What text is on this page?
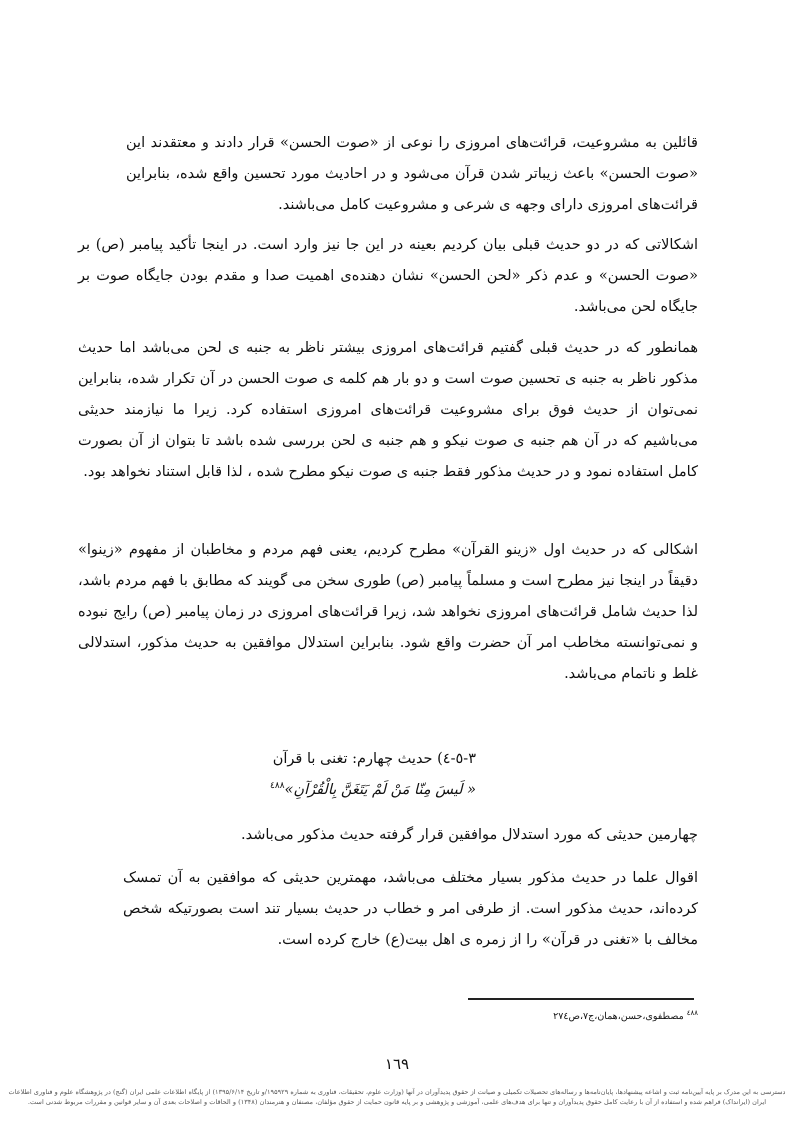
قائلین به مشروعیت، قرائت‌های امروزی را نوعی از «صوت الحسن» قرار دادند و معتقدند این «صوت الحسن» باعث زیباتر شدن قرآن می‌شود و در احادیث مورد تحسین واقع شده، بنابراین قرائت‌های امروزی دارای وجهه ی شرعی و مشروعیت کامل می‌باشند.

اشکالاتی که در دو حدیث قبلی بیان کردیم بعینه در این جا نیز وارد است. در اینجا تأکید پیامبر (ص) بر «صوت الحسن» و عدم ذکر «لحن الحسن» نشان دهنده‌ی اهمیت صدا و مقدم بودن جایگاه صوت بر جایگاه لحن می‌باشد.

همانطور که در حدیث قبلی گفتیم قرائت‌های امروزی بیشتر ناظر به جنبه ی لحن می‌باشد اما حدیث مذکور ناظر به جنبه ی تحسین صوت است و دو بار هم کلمه ی صوت الحسن در آن تکرار شده، بنابراین نمی‌توان از حدیث فوق برای مشروعیت قرائت‌های امروزی استفاده کرد. زیرا ما نیازمند حدیثی می‌باشیم که در آن هم جنبه ی صوت نیکو و هم جنبه ی لحن بررسی شده باشد تا بتوان از آن بصورت کامل استفاده نمود و در حدیث مذکور فقط جنبه ی صوت نیکو مطرح شده ، لذا قابل استناد نخواهد بود.

اشکالی که در حدیث اول «زینو القرآن» مطرح کردیم، یعنی فهم مردم و مخاطبان از مفهوم «زینوا» دقیقاً در اینجا نیز مطرح است و مسلماً پیامبر (ص) طوری سخن می گویند که مطابق با فهم مردم باشد، لذا حدیث شامل قرائت‌های امروزی نخواهد شد، زیرا قرائت‌های امروزی در زمان پیامبر (ص) رایج نبوده و نمی‌توانسته مخاطب امر آن حضرت واقع شود. بنابراین استدلال موافقین به حدیث مذکور، استدلالی غلط و ناتمام می‌باشد.

٣-٥-٤) حدیث چهارم: تغنی با قرآن
« لَيسَ مِنّا مَنْ لَمْ يَتَغَنَّ بِالْقُرْآنِ»$^{٤٨٨}$

چهارمین حدیثی که مورد استدلال موافقین قرار گرفته حدیث مذکور می‌باشد.

اقوال علما در حدیث مذکور بسیار مختلف می‌باشد، مهمترین حدیثی که موافقین به آن تمسک کرده‌اند، حدیث مذکور است. از طرفی امر و خطاب در حدیث بسیار تند است بصورتیکه شخص مخالف با «تغنی در قرآن» را از زمره ی اهل بیت(ع) خارج کرده است.

$^{٤٨٨}$ مصطفوی،حسن،همان،ج٧،ص٢٧٤
١٦٩
دسترسی به این مدرک بر پایه آیین‌نامه ثبت و اشاعه پیشنهادها، پایان‌نامه‌ها و رساله‌های تحصیلات تکمیلی و صیانت از حقوق پدیدآوران در آنها (وزارت علوم، تحقیقات، فناوری به شماره ۱۹۵۹۲۹/و تاریخ ۱۳۹۵/۶/۱۴) از پایگاه اطلاعات علمی ایران (گنج) در پژوهشگاه علوم و فناوری اطلاعات ایران (ایرانداک) فراهم شده و استفاده از آن با رعایت کامل حقوق پدیدآوران و تنها برای هدف‌های علمی، آموزشی و پژوهشی و بر پایه قانون حمایت از حقوق مؤلفان، مصنفان و هنرمندان (۱۳۴۸) و الحاقات و اصلاحات بعدی آن و سایر قوانین و مقررات مربوط شدنی است.
